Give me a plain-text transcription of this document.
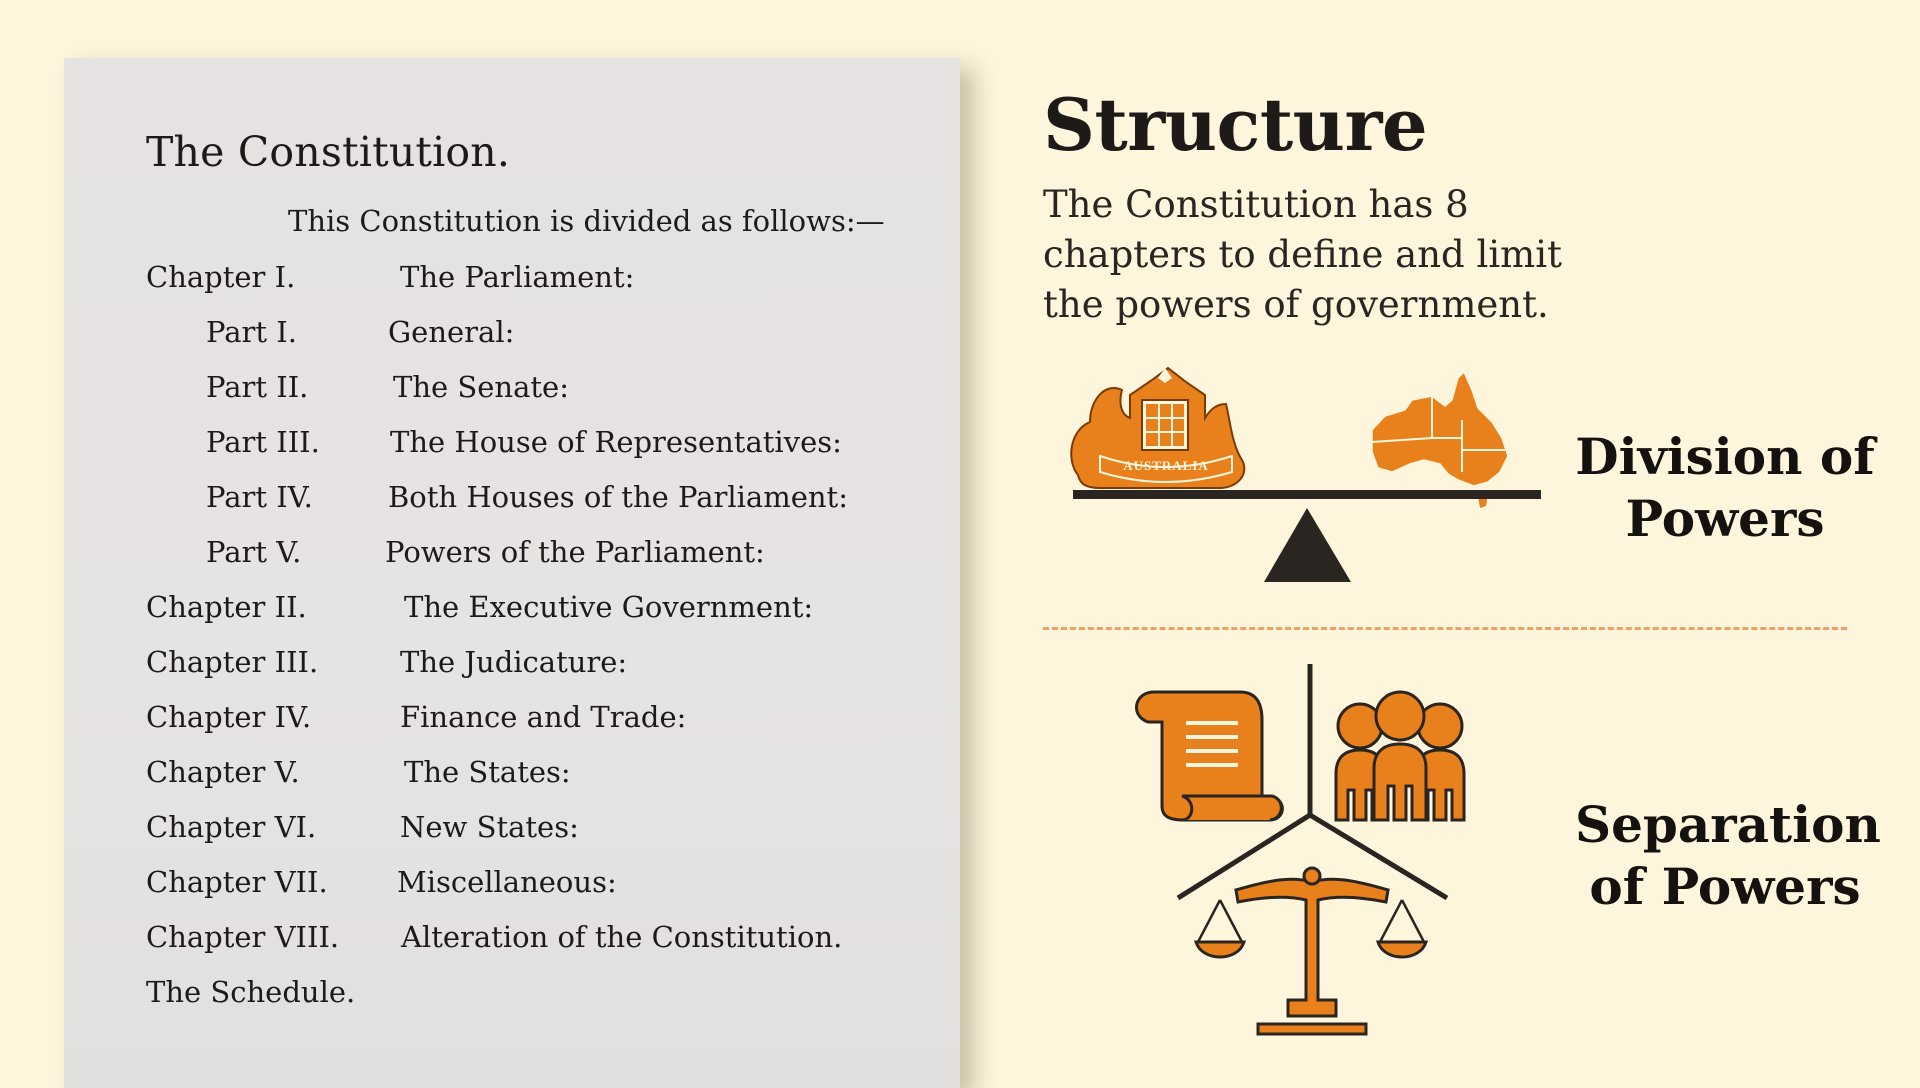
The Constitution.
This Constitution is divided as follows:—
Chapter I.	The Parliament:
Part I.	General:
Part II.	The Senate:
Part III. The House of Representatives:
Part IV.	Both Houses of the Parliament:
Part V.	Powers of the Parliament:
Chapter II.	The Executive Government:
Chapter III.	The Judicature:
Chapter IV.	Finance and Trade:
Chapter V.	The States:
Chapter VI.	New States:
Chapter VII. Miscellaneous:
Chapter VIII. Alteration of the Constitution.
The Schedule.
Structure

The Constitution has 8 chapters to define and limit the powers of government.

AUSTRALIA	Division of
Powers
Separation
of Powers
